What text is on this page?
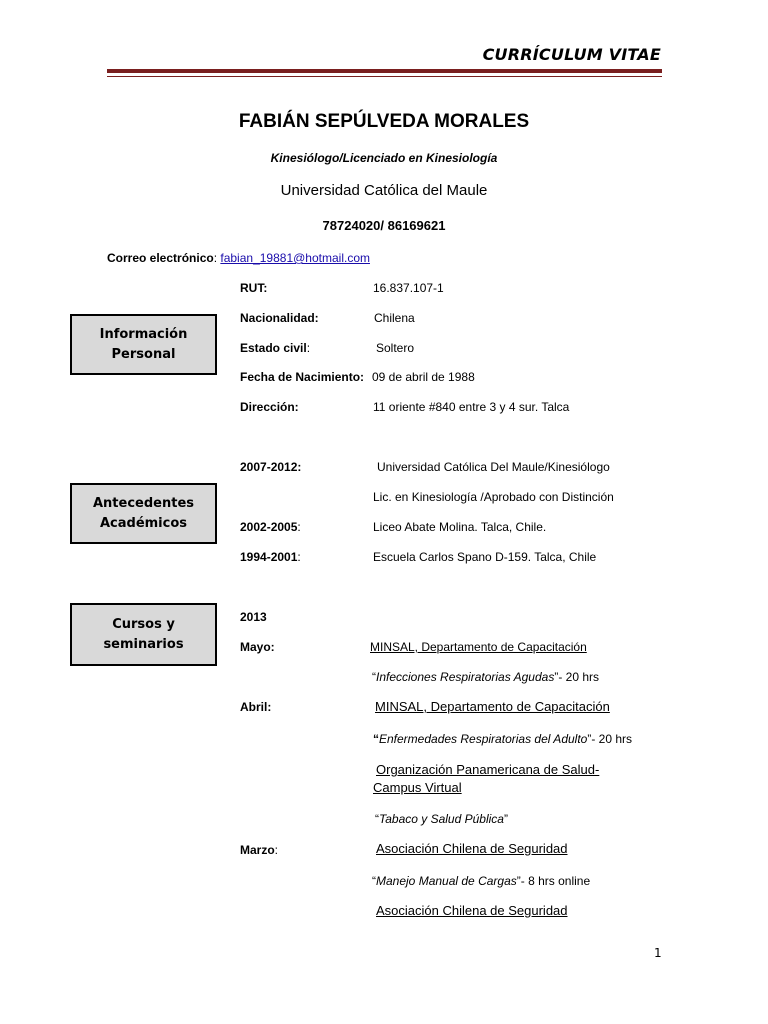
CURRÍCULUM VITAE
FABIÁN SEPÚLVEDA MORALES
Kinesiólogo/Licenciado en Kinesiología
Universidad Católica del Maule
78724020/ 86169621
Correo electrónico: fabian_19881@hotmail.com
Información
Personal
Antecedentes
Académicos
Cursos y
seminarios
RUT:	16.837.107-1
Nacionalidad:	Chilena
Estado civil:	Soltero
Fecha de Nacimiento: 09 de abril de 1988
Dirección:	11 oriente #840 entre 3 y 4 sur. Talca
2007-2012:	Universidad Católica Del Maule/Kinesiólogo
Lic. en Kinesiología /Aprobado con Distinción
2002-2005:	Liceo Abate Molina. Talca, Chile.
1994-2001:	Escuela Carlos Spano D-159. Talca, Chile
2013
Mayo:	MINSAL, Departamento de Capacitación
“Infecciones Respiratorias Agudas”- 20 hrs
Abril:	MINSAL, Departamento de Capacitación
“Enfermedades Respiratorias del Adulto”- 20 hrs
Organización Panamericana de Salud-
Campus Virtual
“Tabaco y Salud Pública”
Marzo:	Asociación Chilena de Seguridad
“Manejo Manual de Cargas”- 8 hrs online
Asociación Chilena de Seguridad
1
